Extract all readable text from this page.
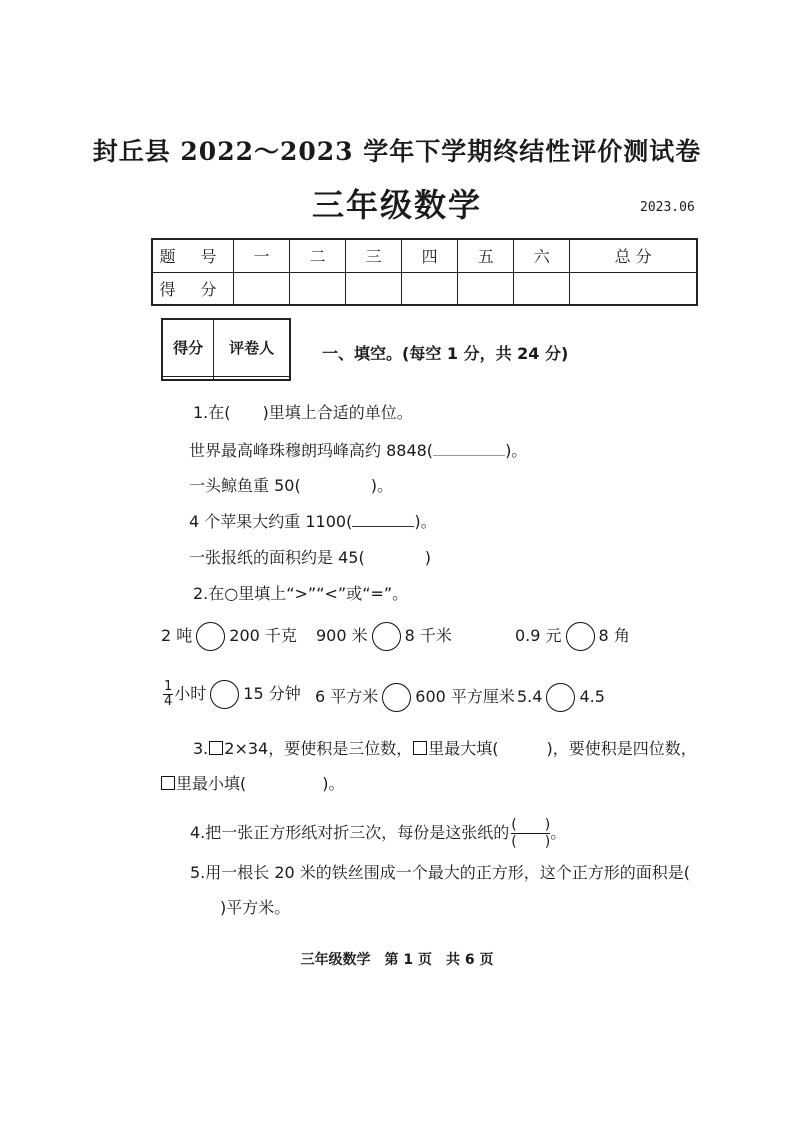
封丘县 2022～2023 学年下学期终结性评价测试卷
三年级数学	2023.06
题 号	一	二	三	四	五	六	总 分
得 分							
得分	评卷人
		一、填空。(每空 1 分，共 24 分)
1.在(　　)里填上合适的单位。
世界最高峰珠穆朗玛峰高约 8848(	)。
一头鲸鱼重 50(	)。
4 个苹果大约重 1100(	)。
一张报纸的面积约是 45(	)
2.在○里填上“>”“<”或“=”。
2 吨 200 千克 900 米 8 千米	0.9 元 8 角
$\frac{1}{4}$ 小时 15 分钟 6 平方米 600 平方厘米 5.4 4.5
3. 2×34，要使积是三位数， 里最大填(	)，要使积是四位数，
里最小填(	)。
4.把一张正方形纸对折三次，每份是这张纸的 (　　)
(　　) 。
5.用一根长 20 米的铁丝围成一个最大的正方形，这个正方形的面积是(
)平方米。
三年级数学　第 1 页　共 6 页
